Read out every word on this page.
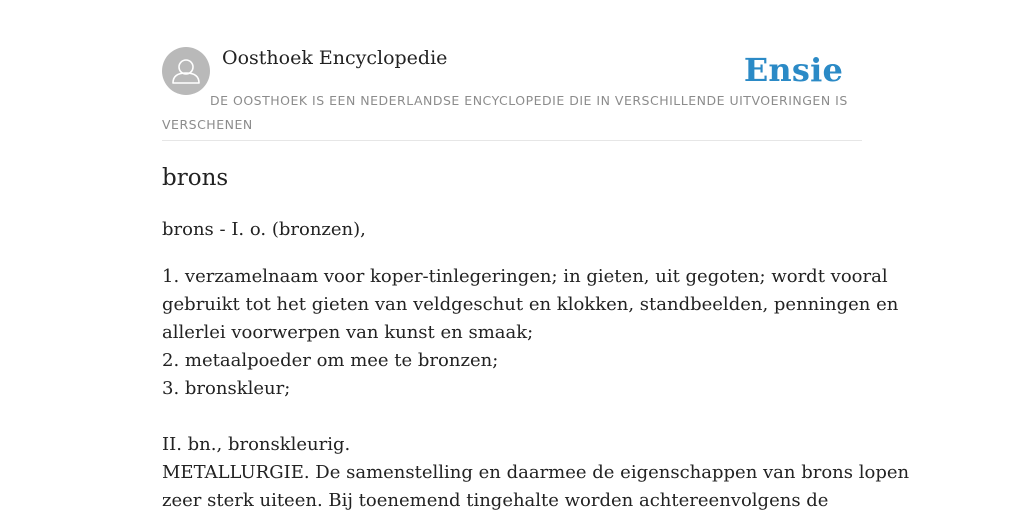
Oosthoek Encyclopedie	Ensie
DE OOSTHOEK IS EEN NEDERLANDSE ENCYCLOPEDIE DIE IN VERSCHILLENDE UITVOERINGEN IS VERSCHENEN
brons
brons - I. o. (bronzen),
1. verzamelnaam voor koper-tinlegeringen; in gieten, uit gegoten; wordt vooral
gebruikt tot het gieten van veldgeschut en klokken, standbeelden, penningen en
allerlei voorwerpen van kunst en smaak;
2. metaalpoeder om mee te bronzen;
3. bronskleur;
II. bn., bronskleurig.
METALLURGIE. De samenstelling en daarmee de eigenschappen van brons lopen
zeer sterk uiteen. Bij toenemend tingehalte worden achtereenvolgens de
